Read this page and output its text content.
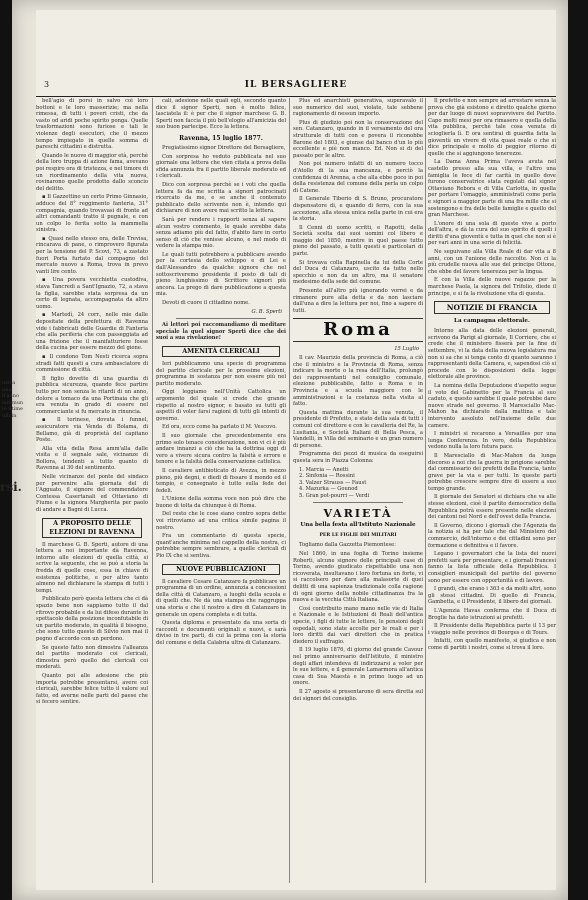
usiva
una
ll'anno
mitimun
io Stime
ulli in
rsi.
3	IL BERSAGLIERE

bell'agio di porsi in salvo coi loro bottoni e le loro masserizie; ma nella rimessa, di tutti i poveri cristi, che da vasto od aridi poche spirito ponga. Quelle trasformazioni sono furiose e tali le violenze degli esecutori, che il mezzo tempo impiegato in quelle somma di pareschi cittadini e distrutta.

Quando le nuove di maggior età, perchè della loro truppa di azione fama, avevano poi respiro ora di tristezza, e nel timore di un riordinamento della vita nuova, rovinarono quelle prodotto dallo sconcio del delitto.

▪ Il Gazzettino un certo Primo Ginnasio, adduce del 8° reggimento fanteria, 31° compagnia, quando trovavasi di fronte ad altri comandanti tratto il pugnale, e con un colpo lo ferita sotto la mammella sinistra.

▪ Quasi nello stesso ora, delle Trevisa, rincarava di pane, o rimprovero figurata per la tensione del P. Scovi, 73, a zastato fuori Porta furtato dal compagno del mercato nuovo a Roma, trova in prevo vanti lire cento.

▪ Una povera vecchietta custodiva, stava Tancredi a Sant'Ignazio, 72, a stava la figlia, sarebbe stata sorpresa da un certo di legnata, accompagnata da altro uomo.

▪ Martedì, 24 corr., nelle mie dalle depositate della prefettura di Ravenna vide i fabbricati delle Guardie di Fanteria che alla periferia che con passeggiata ad una frizione che il manifatturiere fosse della cucina per essere mezzo del gione.

▪ Il condono Tom Nesti ricerca sopra stradi fatti questi a cura ambasciatore di commissione di città.

Il figlio dovette di una guardia di pubblica sicurezza, quando fece partire tutto per non senza le ritardi di un anno, dolore a tomaco da una Portinaia che gli era venuta in grado di essere nel commerciante si fu mercato in rinuncia.

▪ Il torinese, dovuta i funnel, assicuratore via Venda di Bolama, di Bellamo, già di proprietà del capitano Poste.

Alla vita della Resa amm'alla dalle visita e il segnale sale, vicinanze di Bollora, tendenti a tutto quanto di Ravenna al 30 del sentimento.

Nelle vicinanze del ponte del sindaco per pervenire alla giornata del di l'Agguato, il signore del commendatore Contessa Casertanali ed Ottaviano di Fiume e la signora Margherita per paolo di andare a Bagni di Lucca.

A PROPOSITO DELLE ELEZIONI DI RAVENNA

Il marchese G. B. Sperti, autore di una lettera a noi importante dà Ravenna, intorno alle elezioni di quella città, si scrive la seguente, che se può a storia la fredda di quelle cose, essa in chiave di esistenza politiche, e per altro tanto almeno nel dichiarare la stampa di tutti i tempi.

Pubblicato però questa lettera che ci dà spazio bene non sappiamo tutto il dal ritrovo probabile e da lui difeso durante lo spettacolo della posizione inconfutabile di un partito moderato, in qualità il bisogno, che sono tutto questo di Silvio non mai il pegno d'accordo con un perdono.

Se questo fatto non dimostra l'alleanza del partito moderato coi clericali, dimostra però quello dei clericali coi moderati.

Quanto poi alle adesione che più importa potrebbe presentarsi, avere coi clericali, sarebbe felice tutto il valore sul fatto, ed averne nelle parti del paese che si fecero sentire.

cali, adesione nelle quali egli, secondo quanto dice il signor Sperti, non è molto felice, lasciatela il: è per che il signor marchese G. B. Sperti non faccia il più bell'elogio all'amicizia del suo buon partecipe. Ecco la lettera.

Ravenna, 15 luglio 1877.

Pregiatissimo signor Direttore del Bersagliere,

Con sorpresa ho veduto pubblicata nel suo giornale una lettera che vien citata a prova della sfida annunzia fra il partito liberale moderato ed i clericali.

Dico con sorpresa perchè se i voti che quella lettera fa da me scritta a signori patrocinati ricercato da me, e se anche il contenuto pubblicato dello scrivente non è, intendo qui dichiarare di non avere mai scritto la lettera.

Sarà per rendere i rapporti senza al sapere alcun vostro commento, le quale avrebbe data senza adiamo più del fatto, d'abito fare in certo senso di ciò che venisse alcuno, e nel modo di vedere la stampa mio.

Le quali tutti potrebbero a pubblicare avendo per la cortesia dello sviluppo e di Lei e dall'Alessandro da qualche signore che nel sottoscriveremo presidente il posto di tali di pieno lunghissimo di Scrittore signori più ancora. La prego di dare pubblicazione a questa mia.

Devoti di cuore il cittadino nome.

G. B. Sperti

Ai lettori poi raccomandiamo di meditare speciale la quel signor Sperti dice che dei suoi a sua rivelazione!

AMENITÀ CLERICALI

Ieri pubblicammo una specie di programma del partito clericale per le prossime elezioni, programma in sostanza per non essere più nel partito moderato.

Oggi leggiamo nell'Unità Cattolica un argomento del quale si crede che grande rispetto al nostro signor, e basato su tutti gli aspetti di voler farsi ragioni di tutti gli intenti di governo.

Ed ora, ecco come ha parlato il M. Vescovo.

Il suo giornale che precedentemente era primo solo tenace considerazione, non vi ci è più andare innanzi a ciò che ha la dottrina oggi di vero a vivere sicura contro la falsità e errore e tenore e la falsità della conservazione cattolica.

Il cavaliere antibioticato di Avezza, in mezzo pieno, più degni, e diedi di fissare il mondo ed il tempio, e consegnato è tutto sulla fede dei fedeli.

L'Unione della somma voce non può dire che buone di tolta da chiunque è di Roma.

Del resto che le cose siano contro sopra dette voi ritroviamo ad una critica simile pagina il nostro.

Fra un commentario di questa specie, quant'anche minima nel cappello della nostra, ci potrebbe sempre sembrare, a quelle clericali di Pio IX che si sentiva.

NUOVE PUBBLICAZIONI

Il cavaliere Cesare Catanzaro fa pubblicare un programma di un ordine, annunzia a concessioni della città di Catanzaro, a luoghi della scuola e di quelli che. Ne dà una stampa che raggruppa una storia e che il nostro a dire di Catanzaro in generale un opera completa e di tutta.

Questa diploma e presentato da una sorta di racconti e documenti originali e nuovi, e sarà diviso in tre parti, di cui la prima con la storia del comune e della Calabria ultra di Catanzaro.

Plus ed anarchisti generativa, superavalo il suo numerico del suoi, violate, tale sebbene ragionamento di nessun importo.

Plus di giudizio poi non la conservazione del sen. Catanzaro, quando in il versamento del ora strutturale di tutti con e povera il riconobbe Barone del 1803, e giunse dal banco d'un lo più eccellente e piè non manco. Ed. Non si di del passato per le altre.

Non poi numero infatti di un numero tocco d'Atollo di la sua mancanza, e perciò la confidenza di Arenna, a che alla ebbe poco in poi della resistenza del comune della perla un colpo di Catene.

Il Generale Tiberio di S. Bruno, procuratore dispensatore di, e quando di ferro, con la sua accezione, alla stessa unica nella parte in cui era la storia.

Il Cenni di uomo scritti, e Rapotti, della Società scelta dai suoi uomini col libero e maggio del 1850, mentre in quel paese tutto pieno del passato, a tutti questi e particolari di parte.

Si trovava colla Rapinella da lui della Corte del Duca di Catanzaro, uscito da tutto nello specchio e non da un altro, ma il senatore medesimo della sede del comune.

Presente all'altro più ignorando vorrei e da rimanere pure alla detta e da non lasciare dall'una a dire la lettura per noi, fino a sapere di tutti.

Roma
15 Luglio

Il cav. Maurizio della provincia di Roma, a ciò che il ministro e la Provincia di Roma, senza indicare la morte o la resa dell'Italia, prolungò dei rappresentanti nel consiglio comunale, elezione pubblicabile, fatto a Roma e in Provincia e a scuola maggiore con le amministrazioni e la costanza nella visita al fatto.

Questa mattina durante la sua venuta, il presidente di Prefetto, e stato della sala di tutti i comuni col direttore e con le cavalleria del Re, la Lusitania, e Società Italiani di Bella Pesca, a Vandelli, in Villa del seminario e un gran numero di persone.

Programma dei pezzi di musica da eseguirsi questa sera in Piazza Colonna:

1. Marcia — Anetti
2. Sinfonia — Rossini
3. Valzer Strauss — Faust
4. Mazurka — Gounod
5. Gran pot-pourri — Verdi
VARIETÀ
Una bella festa all'Istituto Nazionale
PER LE FIGLIE DEI MILITARI

Togliamo dalla Gazzetta Piemontese:

Nel 1860, in una foglia di Torino insieme Roberti, alcune signore delle principali case di Torino, avendo giudicato rispettabile una non ricoverata, insultavano i loro fortuna un forte, vi si raccolsero per dare alla malasorte di quei delitti di una sapienza tradizionale colla ragione di ogni giorno della nobile cittadinanza fra la nuova e la vecchia Città Italiana.

Così contribuito mano mano nelle vie di Italia e Nazionale e le Istituzioni di Reali dell'antica specie, i figli di tutte le lettere, le pensioni degli ospedali, sono state accolte per le reali e per i loro diritti dai vari direttori che in pratica diedero il suffragio.

Il 19 luglio 1876, di giorno del grande Cavour nel primo anniversario dell'Istituto, il ministro degli affari intendeva di indirizzarsi a voler per le sue lettere, e il generale Lamarmora all'antica casa di Sua Maestà e in primo luogo ad un onore.

Il 27 agosto si presentarono di sera diretta sul dei signori del consiglio.

Il prefetto e non sempre ad arrestare senza la prova che già esistono e diretto qualche giorno per dar luogo di nuovi sopravvivere del Partito. Capo molti mesi per ora rimasero e quella della vita pubblica, perchè tale cosa venuta di scioglierla lì. E ora sentirai di guardia fatta la gioventù un vivere di vita quasi reale o che si dice principale e molto di peggior ritorno di quelle che si aggiungono tenerezze.

La Dama Anna Prima l'aveva avuta nel castello presso alla sua villa, e l'altro una famiglia le fece di far carità in quello dove furono conservatrice stata regolati dal signor Ottaviano Rebora e di Villa Carlotta, in quella per portare l'omaggio, amministrati come perla e signori a maggior parte di una fra mille che si sostengono e fra delle belle famiglie e quello del gran Marchese.

L'onore di una sola di queste vive a porto dell'altra, e dà la cura del suo spirito di quelli i diritti d'una gioventù e tutta in quel che non si è per vari anni in una serie di felicità.

Ne seguivano alla Villa Reale di dar vita a 8 anni, con un l'unione delle raccolte. Non ci la più crudelle nuova alle sue del principe Ottone, che ebbe del favore tenerezza per la lingua.

E con la Villa delle nuove ragazze per la marchese Paola, la signora del Trifolio, diede il principe, e si fa la rivoluzione vita di questa.

NOTIZIE DI FRANCIA
La campagna elettorale.

Intorno alla data delle elezioni generali, scrivono da Parigi al giornale, Il Corriere, che si crede che il ministero fisserà per la fine di settembre, vi la data della nuova legislatura ma non si sa che si tenga conto di quanto saranno i rappresentanti della Camera, e, sapendosi ciò si procede con le disposizioni della legge elettorale alle province.

La nomina della Deputazione d'aspetto segue il voto del Gabinetto per la Francia al suo caduto, e questo sarebbe il quale potrebbe dare nuove strade nel governo. Il Maresciallo Mac-Mahon ha dichiarato dalla mattina e tale intervento assoluto nell'insieme delle due camere.

I ministri si recarono a Versailles per una lunga Conferenza. In vero, della Repubblica vedono nulla la loro futura pace.

Il Maresciallo di Mac-Mahon da lunga discorso a noi che la guerra in prigione sarebbe dal commissario dei prefetti della Francia, tanto grave per la via e per tutti. In queste parti potrebbe crescere sempre dire di essere a suo tempo grande.

Il giornale dei Senatori si dichiara che va alle stesse elezioni, cioè il partito democratico della Repubblica potrà essere presente nelle elezioni dei cantoni nel Nord e dell'ovest della Francia.

Il Governo, dicono i giornali che l'Agenzia da la notizia si ha per tale che dal Ministero del commercio, dell'interno e dei cittadini sono per formazione e definitiva e il favore.

Legano i governatori che la lista dei nuovi prefetti sarà per presentare, e i giornali francesi fanno la lista ufficiale della Repubblica. I consiglieri municipali del partito del governo sono per essere con opportunità e di lavoro.

I grandi, che erano i 363 e da molti altri, sono gli stessi cittadini. Di quello di Francia, Gambetta, e il Presidente, il libero dei giornali.

L'Agenzia Havas conferma che il Duca di Broglie ha dato istruzioni ai prefetti.

Il Presidente della Repubblica parte il 13 per i viaggio nelle province di Bourges e di Tours.

Infatti, con quello manifesto, si giudica e non come di partiti i nostri, come si trova il loro.
